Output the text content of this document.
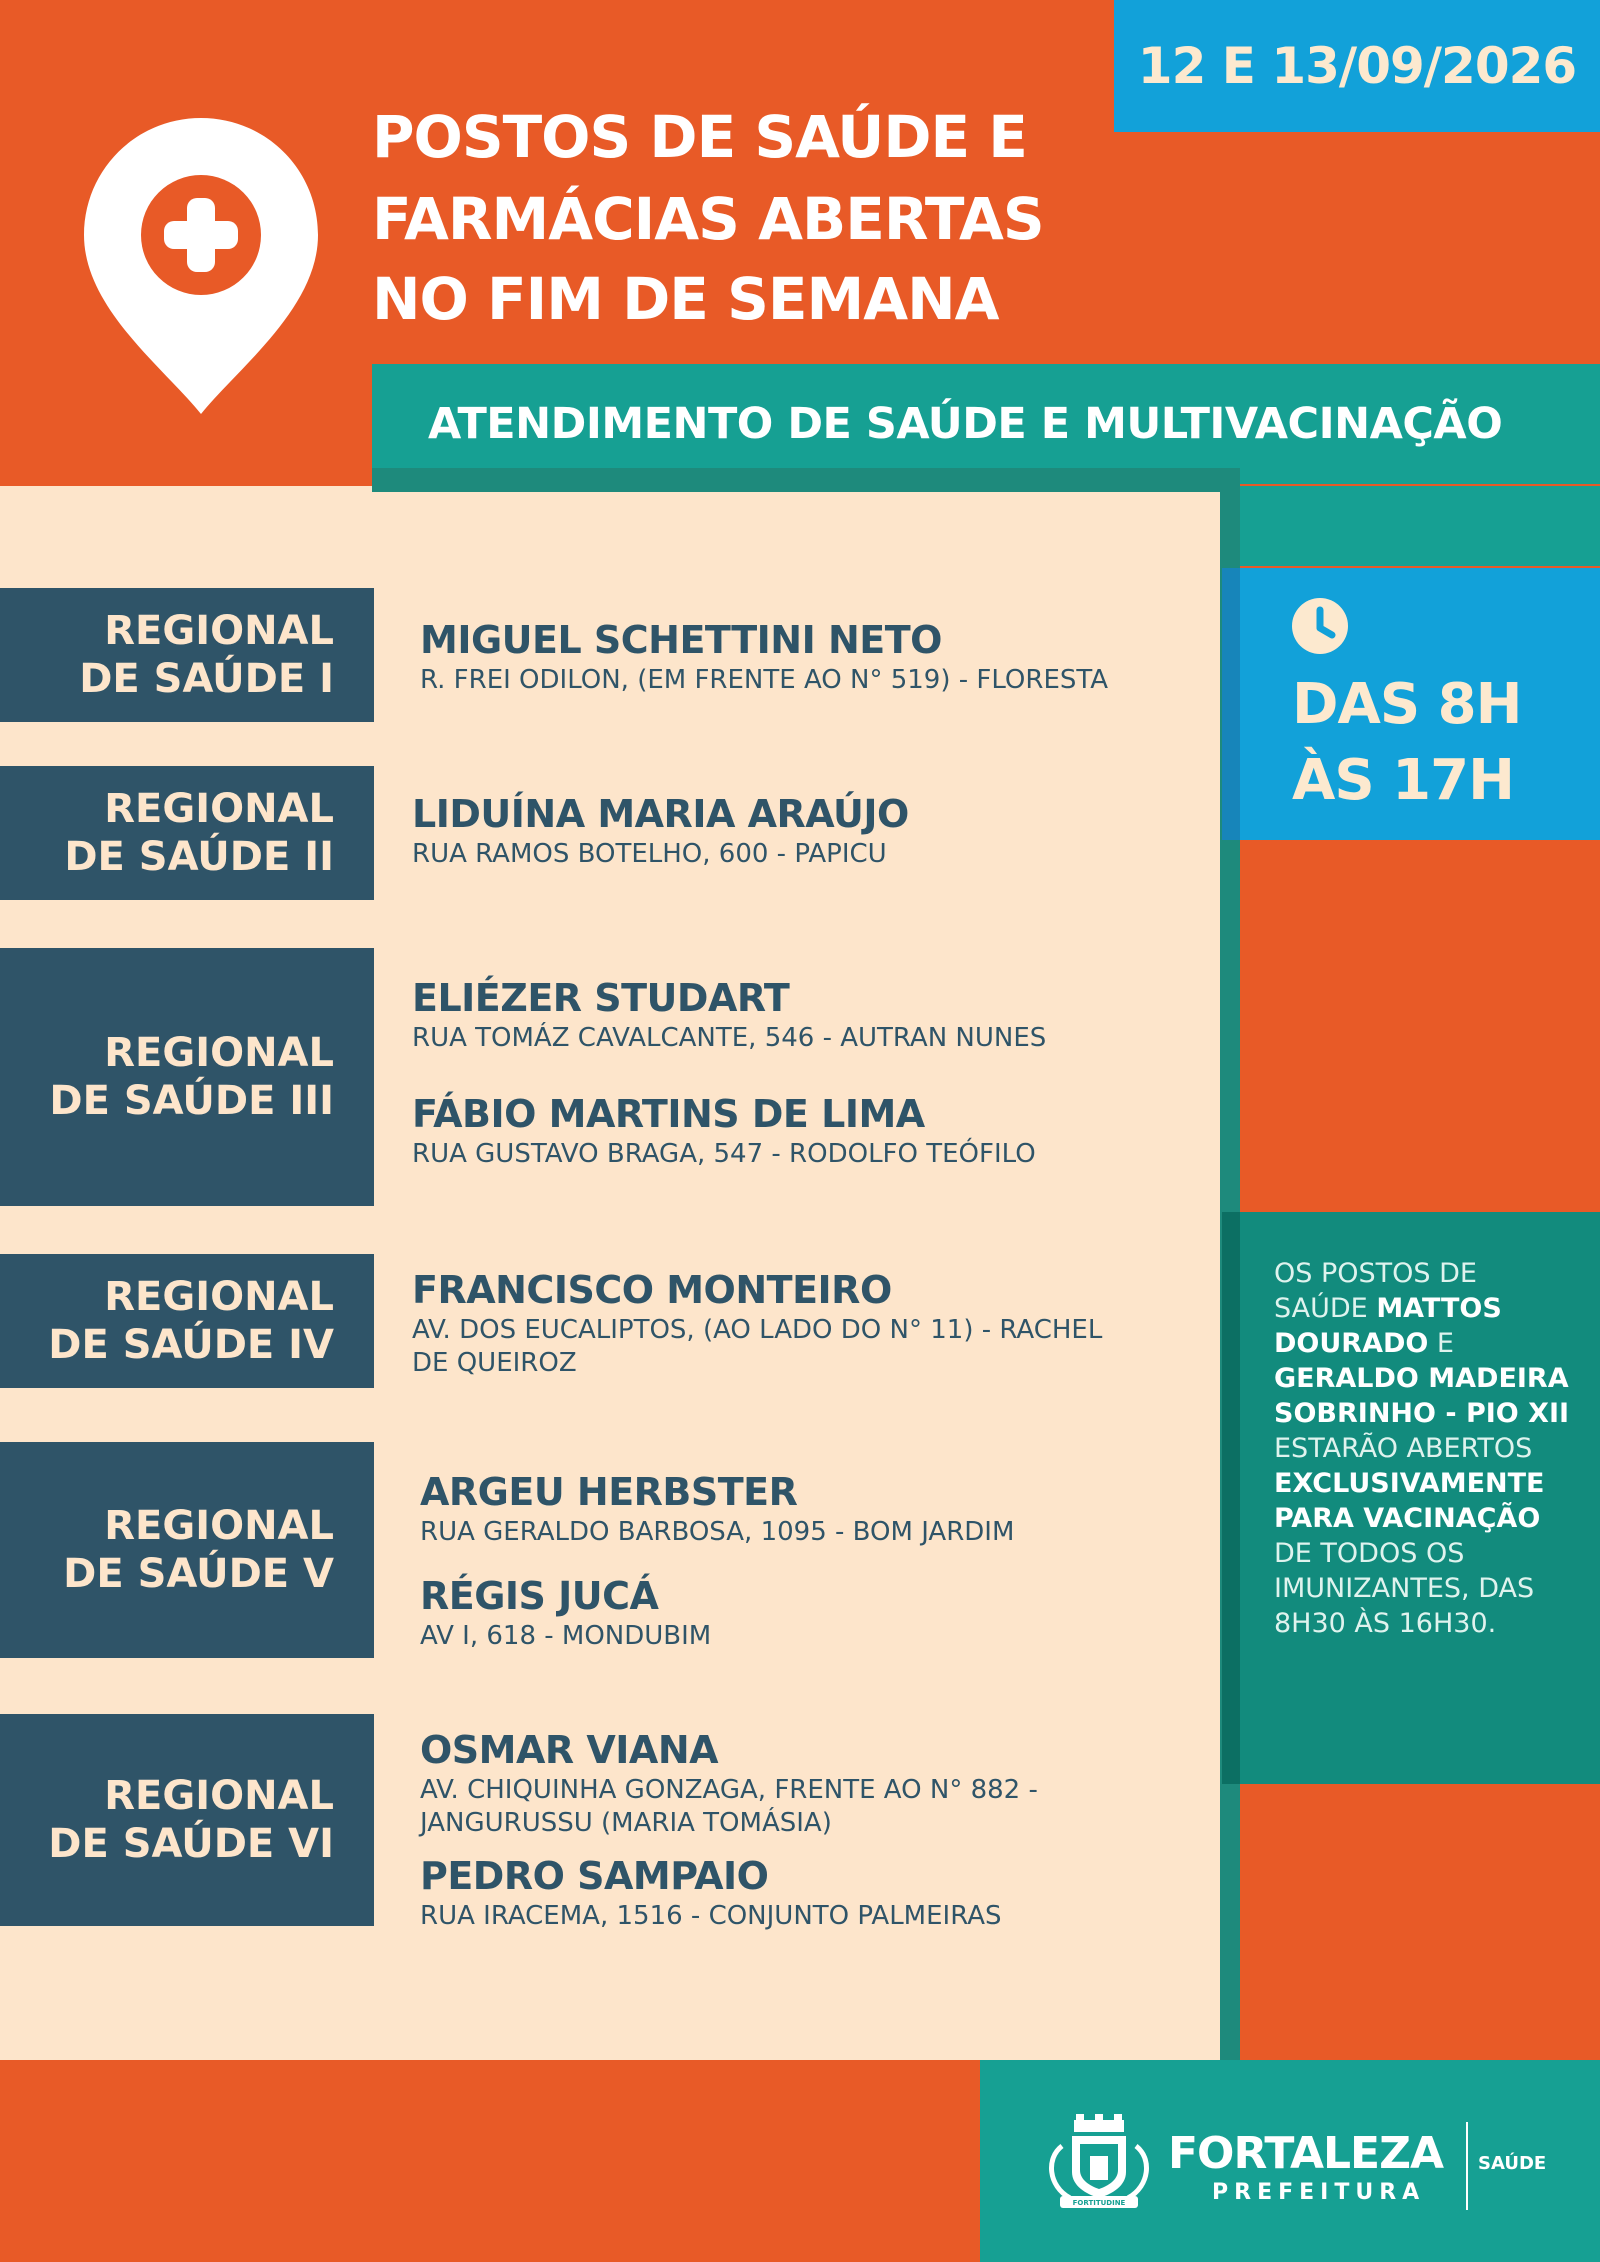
12 E 13/09/2026
POSTOS DE SAÚDE E
FARMÁCIAS ABERTAS
NO FIM DE SEMANA
ATENDIMENTO DE SAÚDE E MULTIVACINAÇÃO
DAS 8H
ÀS 17H
OS POSTOS DE SAÚDE MATTOS DOURADO E GERALDO MADEIRA SOBRINHO - PIO XII ESTARÃO ABERTOS EXCLUSIVAMENTE PARA VACINAÇÃO DE TODOS OS IMUNIZANTES, DAS 8H30 ÀS 16H30.
REGIONAL
DE SAÚDE I
MIGUEL SCHETTINI NETO
R. FREI ODILON, (EM FRENTE AO N° 519) - FLORESTA
REGIONAL
DE SAÚDE II
LIDUÍNA MARIA ARAÚJO
RUA RAMOS BOTELHO, 600 - PAPICU
REGIONAL
DE SAÚDE III
ELIÉZER STUDART
RUA TOMÁZ CAVALCANTE, 546 - AUTRAN NUNES
FÁBIO MARTINS DE LIMA
RUA GUSTAVO BRAGA, 547 - RODOLFO TEÓFILO
REGIONAL
DE SAÚDE IV
FRANCISCO MONTEIRO
AV. DOS EUCALIPTOS, (AO LADO DO N° 11) - RACHEL DE QUEIROZ
REGIONAL
DE SAÚDE V
ARGEU HERBSTER
RUA GERALDO BARBOSA, 1095 - BOM JARDIM
RÉGIS JUCÁ
AV I, 618 - MONDUBIM
REGIONAL
DE SAÚDE VI
OSMAR VIANA
AV. CHIQUINHA GONZAGA, FRENTE AO N° 882 - JANGURUSSU (MARIA TOMÁSIA)
PEDRO SAMPAIO
RUA IRACEMA, 1516 - CONJUNTO PALMEIRAS
FORTITUDINE
FORTALEZA
PREFEITURA
SAÚDE
